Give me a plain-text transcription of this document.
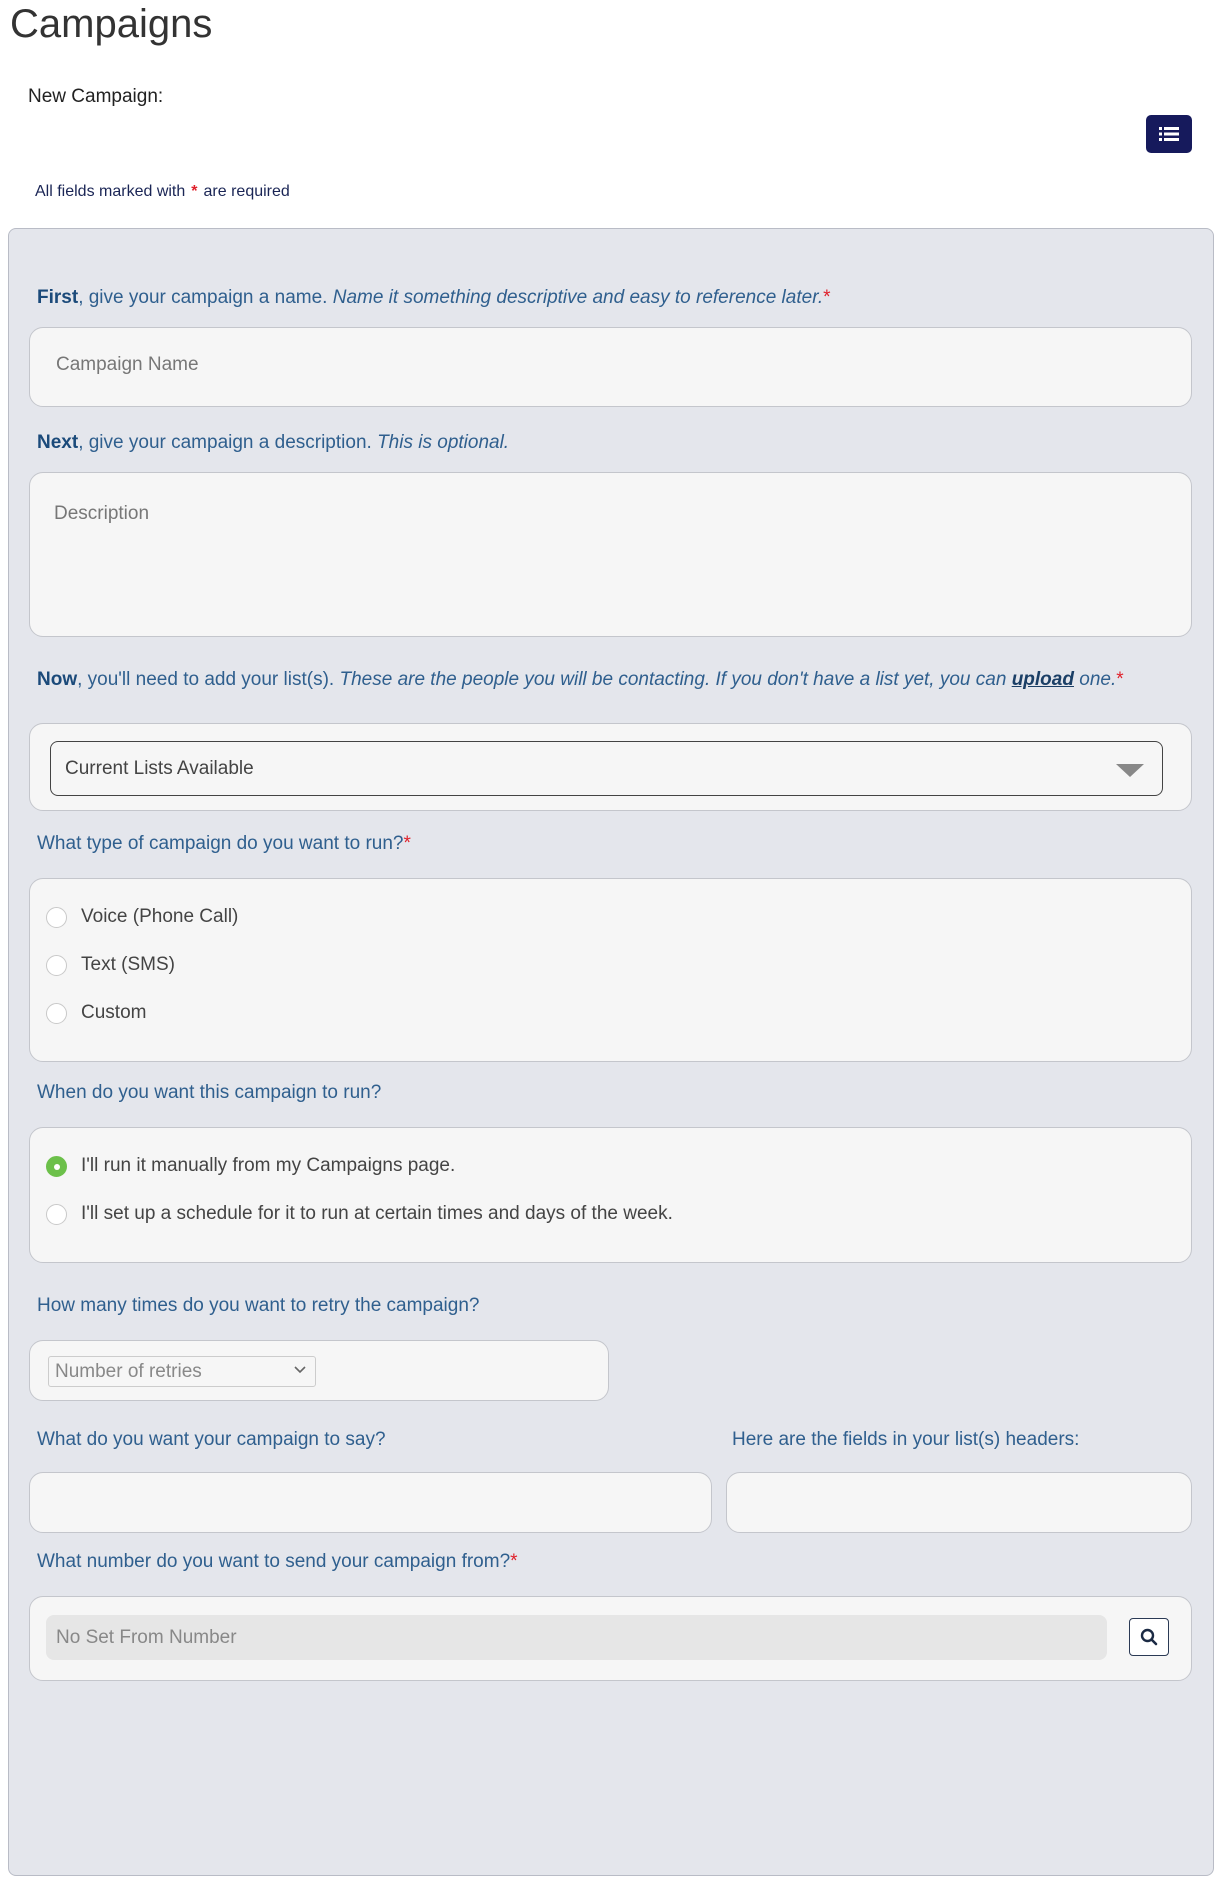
Campaigns
New Campaign:
All fields marked with * are required
First, give your campaign a name. Name it something descriptive and easy to reference later.*
Campaign Name
Next, give your campaign a description. This is optional.
Description
Now, you'll need to add your list(s). These are the people you will be contacting. If you don't have a list yet, you can upload one.*
Current Lists Available
What type of campaign do you want to run?*
Voice (Phone Call)
Text (SMS)
Custom
When do you want this campaign to run?
I'll run it manually from my Campaigns page.
I'll set up a schedule for it to run at certain times and days of the week.
How many times do you want to retry the campaign?
Number of retries
What do you want your campaign to say?	Here are the fields in your list(s) headers:
What number do you want to send your campaign from?*
No Set From Number
